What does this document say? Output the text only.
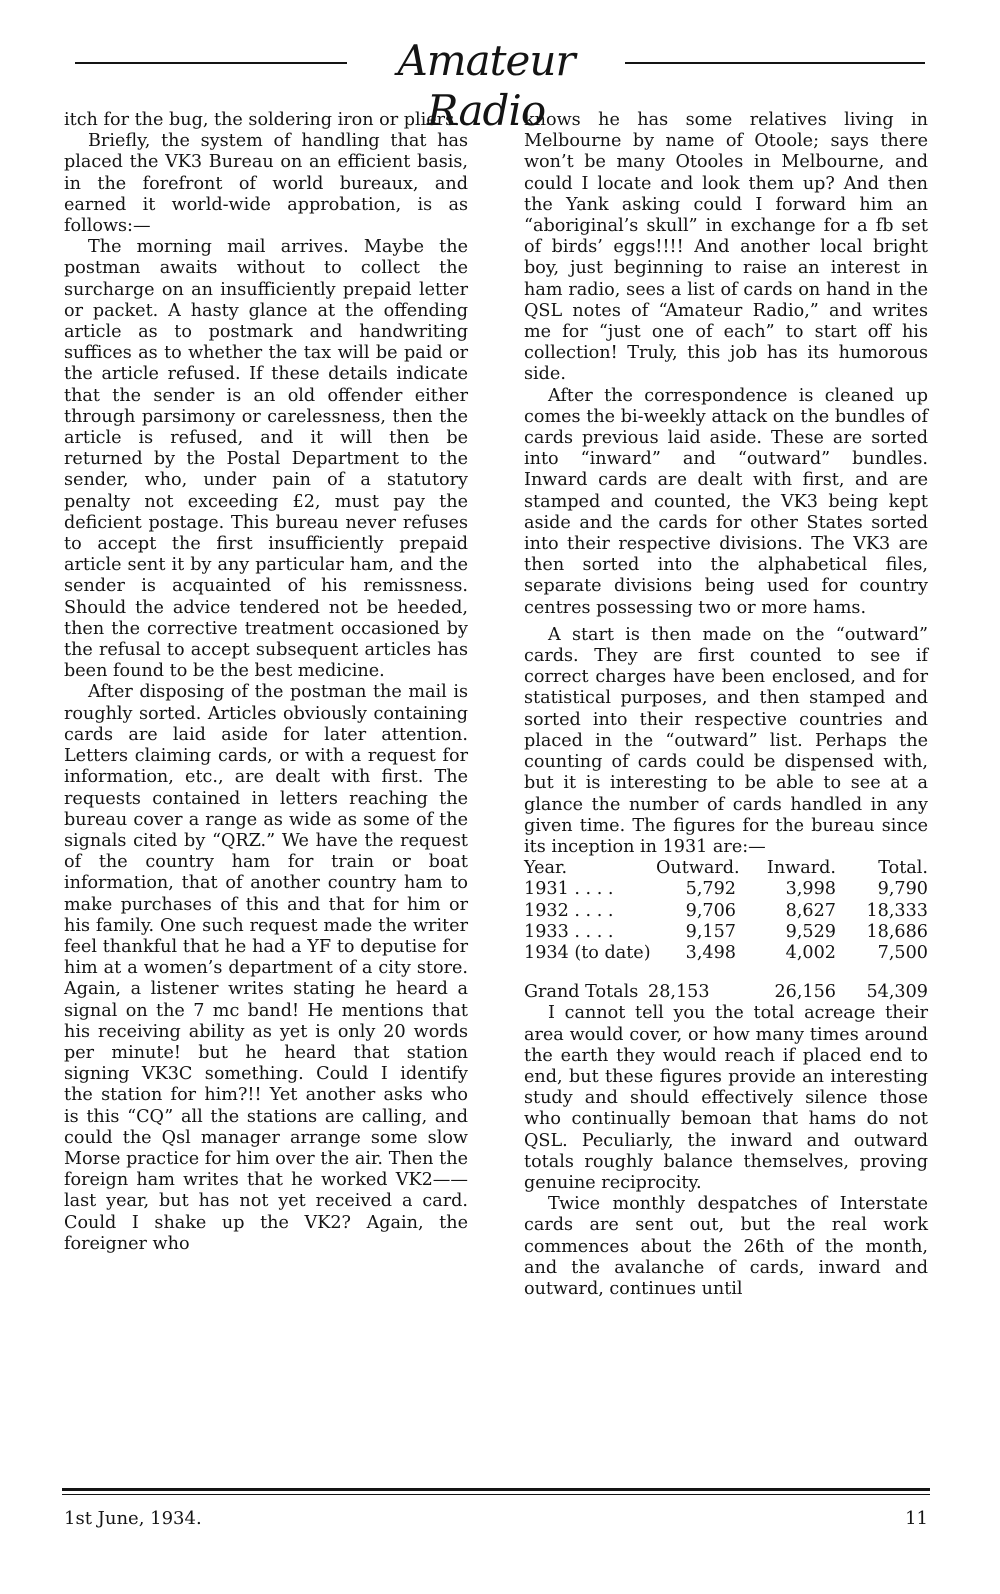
Amateur Radio

itch for the bug, the soldering iron or pliers.

Briefly, the system of handling that has placed the VK3 Bureau on an efficient basis, in the forefront of world bureaux, and earned it world-wide approbation, is as follows:—

The morning mail arrives. Maybe the postman awaits without to collect the surcharge on an insufficiently prepaid letter or packet. A hasty glance at the offending article as to postmark and handwriting suffices as to whether the tax will be paid or the article refused. If these details indicate that the sender is an old offender either through parsimony or carelessness, then the article is refused, and it will then be returned by the Postal Department to the sender, who, under pain of a statutory penalty not exceeding £2, must pay the deficient postage. This bureau never refuses to accept the first insufficiently prepaid article sent it by any particular ham, and the sender is acquainted of his remissness. Should the advice tendered not be heeded, then the corrective treatment occasioned by the refusal to accept subsequent articles has been found to be the best medicine.

After disposing of the postman the mail is roughly sorted. Articles obviously containing cards are laid aside for later attention. Letters claiming cards, or with a request for information, etc., are dealt with first. The requests contained in letters reaching the bureau cover a range as wide as some of the signals cited by “QRZ.” We have the request of the country ham for train or boat information, that of another country ham to make purchases of this and that for him or his family. One such request made the writer feel thankful that he had a YF to deputise for him at a women’s department of a city store. Again, a listener writes stating he heard a signal on the 7 mc band! He mentions that his receiving ability as yet is only 20 words per minute! but he heard that station signing VK3C something. Could I identify the station for him?!! Yet another asks who is this “CQ” all the stations are calling, and could the Qsl manager arrange some slow Morse practice for him over the air. Then the foreign ham writes that he worked VK2——last year, but has not yet received a card. Could I shake up the VK2? Again, the foreigner who

knows he has some relatives living in Melbourne by name of Otoole; says there won’t be many Otooles in Melbourne, and could I locate and look them up? And then the Yank asking could I forward him an “aboriginal’s skull” in exchange for a fb set of birds’ eggs!!!! And another local bright boy, just beginning to raise an interest in ham radio, sees a list of cards on hand in the QSL notes of “Amateur Radio,” and writes me for “just one of each” to start off his collection! Truly, this job has its humorous side.

After the correspondence is cleaned up comes the bi-weekly attack on the bundles of cards previous laid aside. These are sorted into “inward” and “outward” bundles. Inward cards are dealt with first, and are stamped and counted, the VK3 being kept aside and the cards for other States sorted into their respective divisions. The VK3 are then sorted into the alphabetical files, separate divisions being used for country centres possessing two or more hams.

A start is then made on the “outward” cards. They are first counted to see if correct charges have been enclosed, and for statistical purposes, and then stamped and sorted into their respective countries and placed in the “outward” list. Perhaps the counting of cards could be dispensed with, but it is interesting to be able to see at a glance the number of cards handled in any given time. The figures for the bureau since its inception in 1931 are:—

Year.	Outward.	Inward.	Total.
1931 . . . .	5,792	3,998	9,790
1932 . . . .	9,706	8,627	18,333
1933 . . . .	9,157	9,529	18,686
1934 (to date)	3,498	4,002	7,500
Grand Totals 28,153	26,156	54,309

I cannot tell you the total acreage their area would cover, or how many times around the earth they would reach if placed end to end, but these figures provide an interesting study and should effectively silence those who continually bemoan that hams do not QSL. Peculiarly, the inward and outward totals roughly balance themselves, proving genuine reciprocity.

Twice monthly despatches of Interstate cards are sent out, but the real work commences about the 26th of the month, and the avalanche of cards, inward and outward, continues until

1st June, 1934.	11
